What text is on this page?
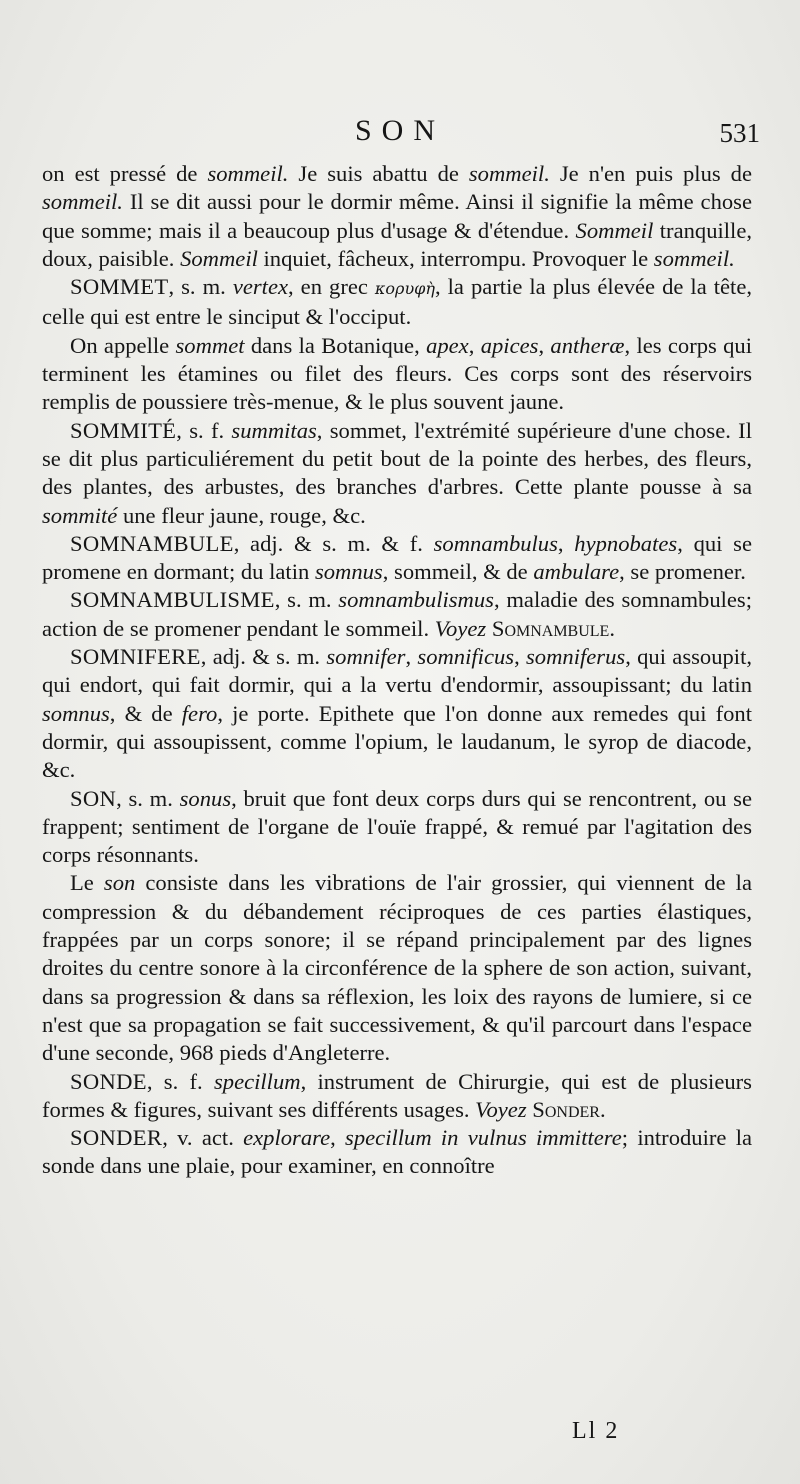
SON	531

on est pressé de sommeil. Je suis abattu de sommeil. Je n'en puis plus de sommeil. Il se dit aussi pour le dormir même. Ainsi il signifie la même chose que somme; mais il a beaucoup plus d'usage & d'étendue. Sommeil tranquille, doux, paisible. Sommeil inquiet, fâcheux, interrompu. Provoquer le sommeil.

SOMMET, s. m. vertex, en grec κορυφὴ, la partie la plus élevée de la tête, celle qui est entre le sinciput & l'occiput.

On appelle sommet dans la Botanique, apex, apices, antheræ, les corps qui terminent les étamines ou filet des fleurs. Ces corps sont des réservoirs remplis de poussiere très-menue, & le plus souvent jaune.

SOMMITÉ, s. f. summitas, sommet, l'extrémité supérieure d'une chose. Il se dit plus particuliérement du petit bout de la pointe des herbes, des fleurs, des plantes, des arbustes, des branches d'arbres. Cette plante pousse à sa sommité une fleur jaune, rouge, &c.

SOMNAMBULE, adj. & s. m. & f. somnambulus, hypnobates, qui se promene en dormant; du latin somnus, sommeil, & de ambulare, se promener.

SOMNAMBULISME, s. m. somnambulismus, maladie des somnambules; action de se promener pendant le sommeil. Voyez Somnambule.

SOMNIFERE, adj. & s. m. somnifer, somnificus, somniferus, qui assoupit, qui endort, qui fait dormir, qui a la vertu d'endormir, assoupissant; du latin somnus, & de fero, je porte. Epithete que l'on donne aux remedes qui font dormir, qui assoupissent, comme l'opium, le laudanum, le syrop de diacode, &c.

SON, s. m. sonus, bruit que font deux corps durs qui se rencontrent, ou se frappent; sentiment de l'organe de l'ouïe frappé, & remué par l'agitation des corps résonnants.

Le son consiste dans les vibrations de l'air grossier, qui viennent de la compression & du débandement réciproques de ces parties élastiques, frappées par un corps sonore; il se répand principalement par des lignes droites du centre sonore à la circonférence de la sphere de son action, suivant, dans sa progression & dans sa réflexion, les loix des rayons de lumiere, si ce n'est que sa propagation se fait successivement, & qu'il parcourt dans l'espace d'une seconde, 968 pieds d'Angleterre.

SONDE, s. f. specillum, instrument de Chirurgie, qui est de plusieurs formes & figures, suivant ses différents usages. Voyez Sonder.

SONDER, v. act. explorare, specillum in vulnus immittere; introduire la sonde dans une plaie, pour examiner, en connoître

Ll 2
